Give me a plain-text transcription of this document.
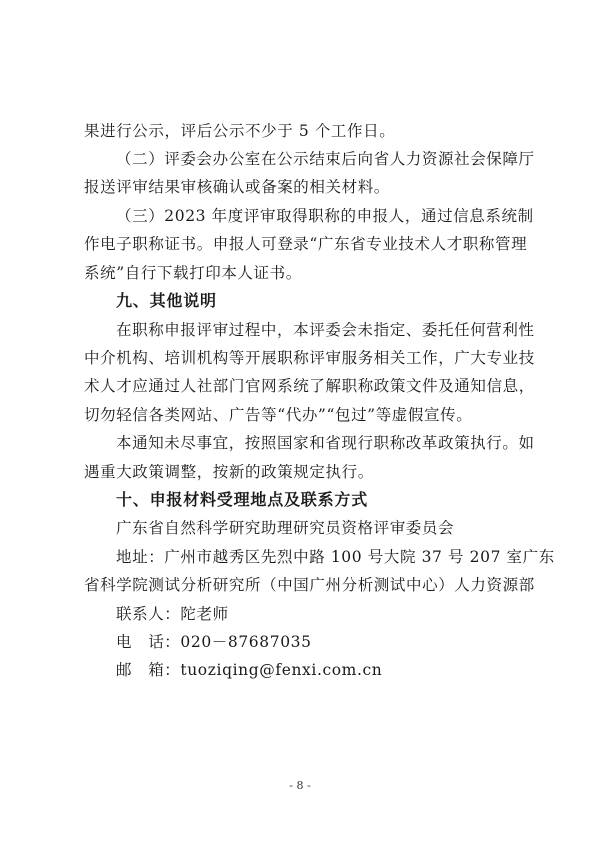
果进行公示，评后公示不少于 5 个工作日。
（二）评委会办公室在公示结束后向省人力资源社会保障厅
报送评审结果审核确认或备案的相关材料。
（三）2023 年度评审取得职称的申报人，通过信息系统制
作电子职称证书。申报人可登录“广东省专业技术人才职称管理
系统”自行下载打印本人证书。
九、其他说明
在职称申报评审过程中，本评委会未指定、委托任何营利性
中介机构、培训机构等开展职称评审服务相关工作，广大专业技
术人才应通过人社部门官网系统了解职称政策文件及通知信息，
切勿轻信各类网站、广告等“代办”“包过”等虚假宣传。
本通知未尽事宜，按照国家和省现行职称改革政策执行。如
遇重大政策调整，按新的政策规定执行。
十、申报材料受理地点及联系方式
广东省自然科学研究助理研究员资格评审委员会
地址：广州市越秀区先烈中路 100 号大院 37 号 207 室广东
省科学院测试分析研究所（中国广州分析测试中心）人力资源部
联系人：陀老师
电　话：020－87687035
邮　箱：tuoziqing@fenxi.com.cn
- 8 -
